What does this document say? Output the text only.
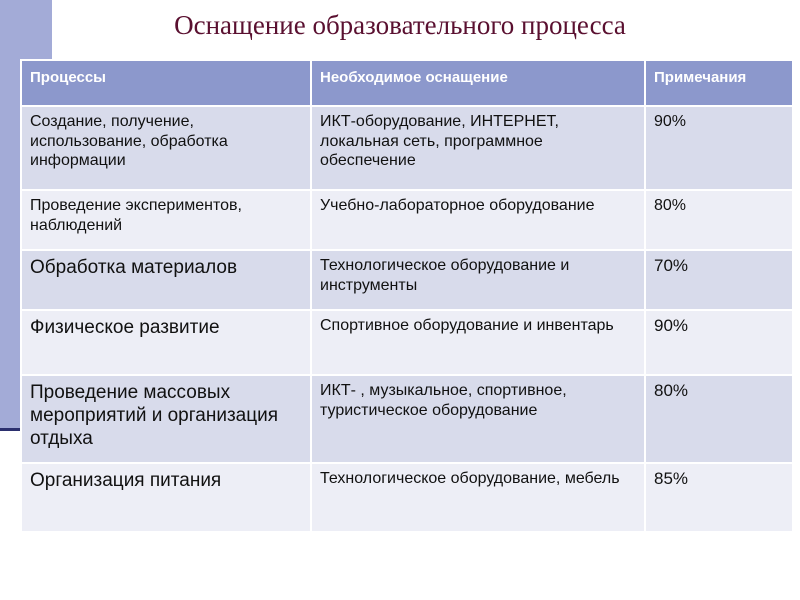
Оснащение образовательного процесса
Процессы	Необходимое оснащение	Примечания
Создание, получение, использование, обработка информации	ИКТ-оборудование, ИНТЕРНЕТ, локальная сеть, программное обеспечение	90%
Проведение экспериментов, наблюдений	Учебно-лабораторное оборудование	80%
Обработка материалов	Технологическое оборудование и инструменты	70%
Физическое развитие	Спортивное оборудование и инвентарь	90%
Проведение массовых мероприятий и организация отдыха	ИКТ- , музыкальное, спортивное, туристическое оборудование	80%
Организация питания	Технологическое оборудование, мебель	85%
